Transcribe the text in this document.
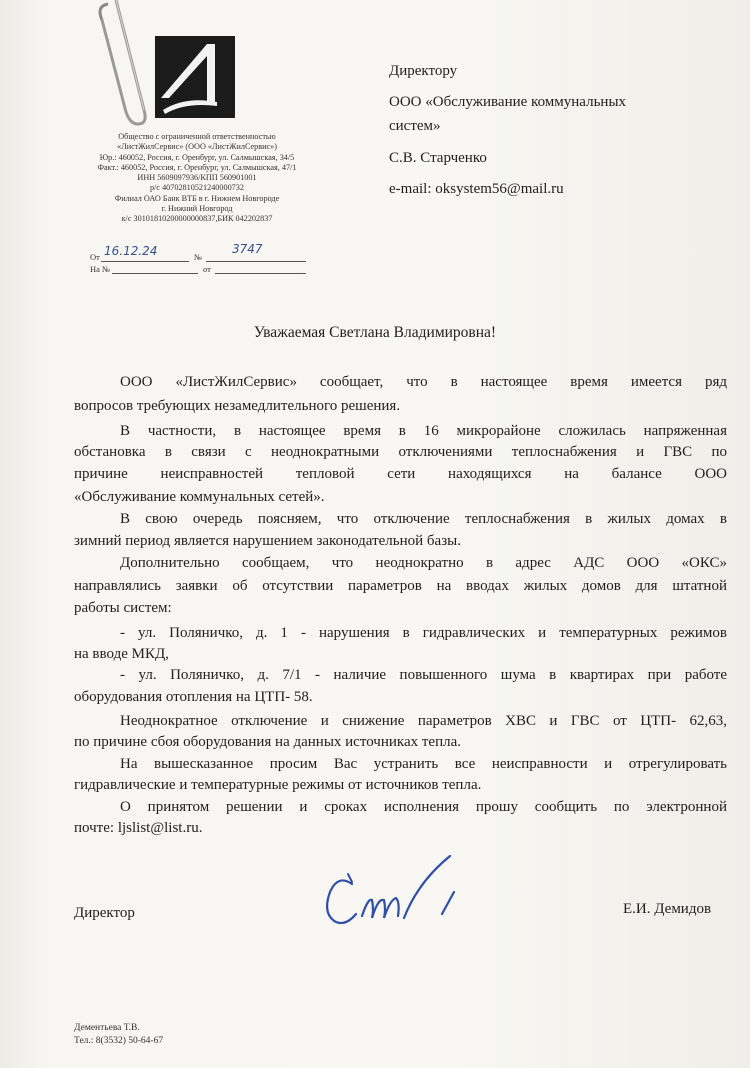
Общество с ограниченной ответственностью
«ЛистЖилСервис» (ООО «ЛистЖилСервис»)
Юр.: 460052, Россия, г. Оренбург, ул. Салмышская, 34/5
Факт.: 460052, Россия, г. Оренбург, ул. Салмышская, 47/1
ИНН 5609097936/КПП 560901001
р/с 40702810521240000732
Филиал ОАО Банк ВТБ в г. Нижнем Новгороде
г. Нижний Новгород
к/с 30101810200000000837,БИК 042202837
От 16.12.24	№
3747
На №	от
Директору
ООО «Обслуживание коммунальных
систем»
С.В. Старченко
e-mail: oksystem56@mail.ru
Уважаемая Светлана Владимировна!
ООО «ЛистЖилСервис» сообщает, что в настоящее время имеется ряд
вопросов требующих незамедлительного решения.
В частности, в настоящее время в 16 микрорайоне сложилась напряженная
обстановка в связи с неоднократными отключениями теплоснабжения и ГВС по
причине неисправностей тепловой сети находящихся на балансе ООО
«Обслуживание коммунальных сетей».
В свою очередь поясняем, что отключение теплоснабжения в жилых домах в
зимний период является нарушением законодательной базы.
Дополнительно сообщаем, что неоднократно в адрес АДС ООО «ОКС»
направлялись заявки об отсутствии параметров на вводах жилых домов для штатной
работы систем:
- ул. Поляничко, д. 1 - нарушения в гидравлических и температурных режимов
на вводе МКД,
- ул. Поляничко, д. 7/1 - наличие повышенного шума в квартирах при работе
оборудования отопления на ЦТП- 58.
Неоднократное отключение и снижение параметров ХВС и ГВС от ЦТП- 62,63,
по причине сбоя оборудования на данных источниках тепла.
На вышесказанное просим Вас устранить все неисправности и отрегулировать
гидравлические и температурные режимы от источников тепла.
О принятом решении и сроках исполнения прошу сообщить по электронной
почте: ljslist@list.ru.
Директор	Е.И. Демидов
Дементьева Т.В.
Тел.: 8(3532) 50-64-67
